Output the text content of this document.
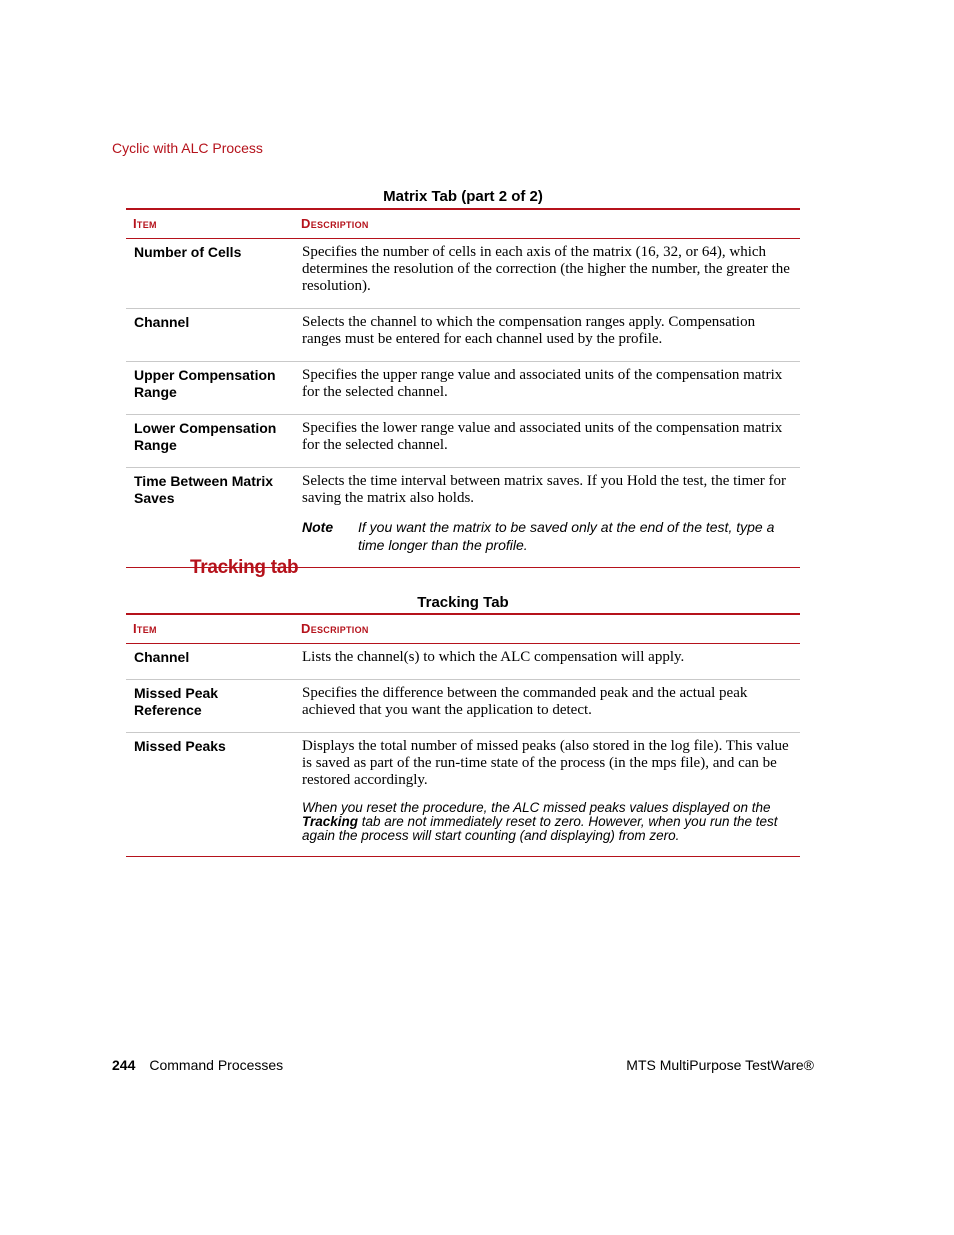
Cyclic with ALC Process
Matrix Tab (part 2 of 2)
Item	Description
Number of Cells	Specifies the number of cells in each axis of the matrix (16, 32, or 64), which determines the resolution of the correction (the higher the number, the greater the resolution).
Channel	Selects the channel to which the compensation ranges apply. Compensation ranges must be entered for each channel used by the profile.
Upper Compensation Range	Specifies the upper range value and associated units of the compensation matrix for the selected channel.
Lower Compensation Range	Specifies the lower range value and associated units of the compensation matrix for the selected channel.
Time Between Matrix Saves	Selects the time interval between matrix saves. If you Hold the test, the timer for saving the matrix also holds.
Note If you want the matrix to be saved only at the end of the test, type a time longer than the profile.
Tracking tab
Tracking Tab
Item	Description
Channel	Lists the channel(s) to which the ALC compensation will apply.
Missed Peak Reference	Specifies the difference between the commanded peak and the actual peak achieved that you want the application to detect.
Missed Peaks	Displays the total number of missed peaks (also stored in the log file). This value is saved as part of the run-time state of the process (in the mps file), and can be restored accordingly.
When you reset the procedure, the ALC missed peaks values displayed on the Tracking tab are not immediately reset to zero. However, when you run the test again the process will start counting (and displaying) from zero.
244 Command Processes	MTS MultiPurpose TestWare®
